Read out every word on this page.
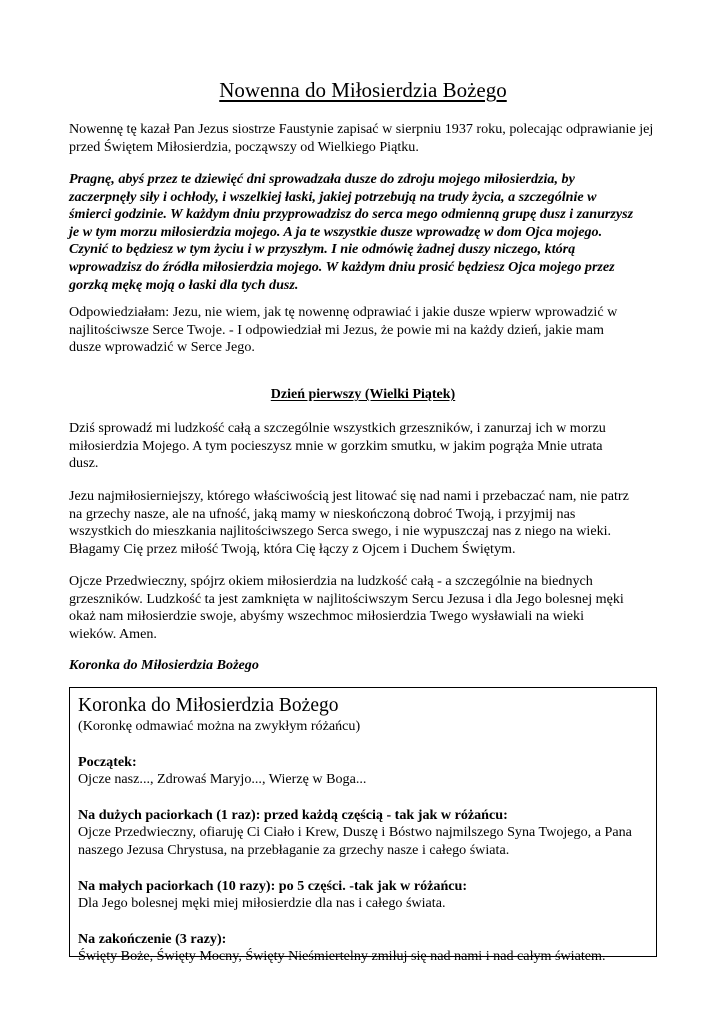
Nowenna do Miłosierdzia Bożego

Nowennę tę kazał Pan Jezus siostrze Faustynie zapisać w sierpniu 1937 roku, polecając odprawianie jej przed Świętem Miłosierdzia, począwszy od Wielkiego Piątku.

Pragnę, abyś przez te dziewięć dni sprowadzała dusze do zdroju mojego miłosierdzia, by
zaczerpnęły siły i ochłody, i wszelkiej łaski, jakiej potrzebują na trudy życia, a szczególnie w
śmierci godzinie. W każdym dniu przyprowadzisz do serca mego odmienną grupę dusz i zanurzysz
je w tym morzu miłosierdzia mojego. A ja te wszystkie dusze wprowadzę w dom Ojca mojego.
Czynić to będziesz w tym życiu i w przyszłym. I nie odmówię żadnej duszy niczego, którą
wprowadzisz do źródła miłosierdzia mojego. W każdym dniu prosić będziesz Ojca mojego przez
gorzką mękę moją o łaski dla tych dusz.
Odpowiedziałam: Jezu, nie wiem, jak tę nowennę odprawiać i jakie dusze wpierw wprowadzić w
najlitościwsze Serce Twoje. - I odpowiedział mi Jezus, że powie mi na każdy dzień, jakie mam
dusze wprowadzić w Serce Jego.
Dzień pierwszy (Wielki Piątek)
Dziś sprowadź mi ludzkość całą a szczególnie wszystkich grzeszników, i zanurzaj ich w morzu
miłosierdzia Mojego. A tym pocieszysz mnie w gorzkim smutku, w jakim pogrąża Mnie utrata
dusz.
Jezu najmiłosierniejszy, którego właściwością jest litować się nad nami i przebaczać nam, nie patrz
na grzechy nasze, ale na ufność, jaką mamy w nieskończoną dobroć Twoją, i przyjmij nas
wszystkich do mieszkania najlitościwszego Serca swego, i nie wypuszczaj nas z niego na wieki.
Błagamy Cię przez miłość Twoją, która Cię łączy z Ojcem i Duchem Świętym.
Ojcze Przedwieczny, spójrz okiem miłosierdzia na ludzkość całą - a szczególnie na biednych
grzeszników. Ludzkość ta jest zamknięta w najlitościwszym Sercu Jezusa i dla Jego bolesnej męki
okaż nam miłosierdzie swoje, abyśmy wszechmoc miłosierdzia Twego wysławiali na wieki
wieków. Amen.
Koronka do Miłosierdzia Bożego
Koronka do Miłosierdzia Bożego

(Koronkę odmawiać można na zwykłym różańcu)

Początek:

Ojcze nasz..., Zdrowaś Maryjo..., Wierzę w Boga...

Na dużych paciorkach (1 raz): przed każdą częścią - tak jak w różańcu:

Ojcze Przedwieczny, ofiaruję Ci Ciało i Krew, Duszę i Bóstwo najmilszego Syna Twojego, a Pana

naszego Jezusa Chrystusa, na przebłaganie za grzechy nasze i całego świata.

Na małych paciorkach (10 razy): po 5 części. -tak jak w różańcu:

Dla Jego bolesnej męki miej miłosierdzie dla nas i całego świata.

Na zakończenie (3 razy):

Święty Boże, Święty Mocny, Święty Nieśmiertelny zmiłuj się nad nami i nad całym światem.
